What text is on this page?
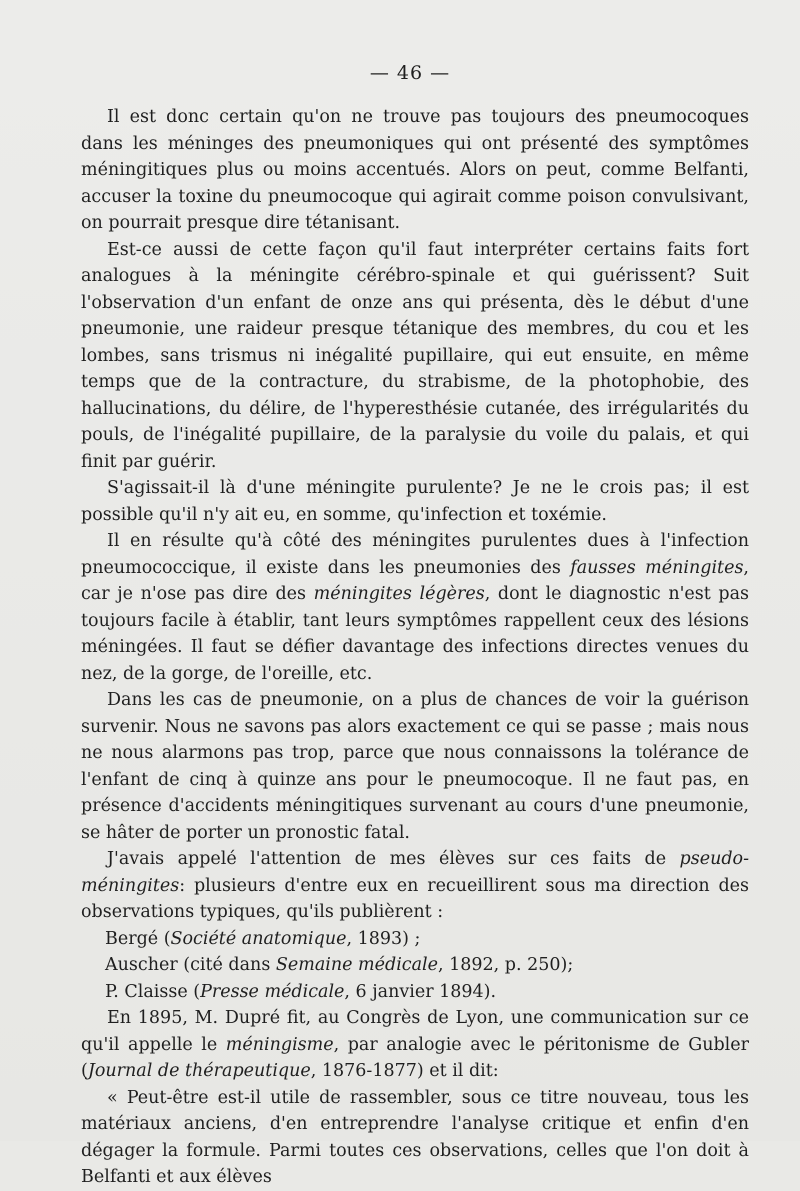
— 46 —

Il est donc certain qu'on ne trouve pas toujours des pneumocoques dans les méninges des pneumoniques qui ont présenté des symptômes méningitiques plus ou moins accentués. Alors on peut, comme Belfanti, accuser la toxine du pneumocoque qui agirait comme poison convulsivant, on pourrait presque dire tétanisant.

Est-ce aussi de cette façon qu'il faut interpréter certains faits fort analogues à la méningite cérébro-spinale et qui guérissent? Suit l'observation d'un enfant de onze ans qui présenta, dès le début d'une pneumonie, une raideur presque tétanique des membres, du cou et les lombes, sans trismus ni inégalité pupillaire, qui eut ensuite, en même temps que de la contracture, du strabisme, de la photophobie, des hallucinations, du délire, de l'hyperesthésie cutanée, des irrégularités du pouls, de l'inégalité pupillaire, de la paralysie du voile du palais, et qui finit par guérir.

S'agissait-il là d'une méningite purulente? Je ne le crois pas; il est possible qu'il n'y ait eu, en somme, qu'infection et toxémie.

Il en résulte qu'à côté des méningites purulentes dues à l'infection pneumococcique, il existe dans les pneumonies des fausses méningites, car je n'ose pas dire des méningites légères, dont le diagnostic n'est pas toujours facile à établir, tant leurs symptômes rappellent ceux des lésions méningées. Il faut se défier davantage des infections directes venues du nez, de la gorge, de l'oreille, etc.

Dans les cas de pneumonie, on a plus de chances de voir la guérison survenir. Nous ne savons pas alors exactement ce qui se passe ; mais nous ne nous alarmons pas trop, parce que nous connaissons la tolérance de l'enfant de cinq à quinze ans pour le pneumocoque. Il ne faut pas, en présence d'accidents méningitiques survenant au cours d'une pneumonie, se hâter de porter un pronostic fatal.

J'avais appelé l'attention de mes élèves sur ces faits de pseudo-méningites: plusieurs d'entre eux en recueillirent sous ma direction des observations typiques, qu'ils publièrent :

Bergé (Société anatomique, 1893) ;

Auscher (cité dans Semaine médicale, 1892, p. 250);

P. Claisse (Presse médicale, 6 janvier 1894).

En 1895, M. Dupré fit, au Congrès de Lyon, une communication sur ce qu'il appelle le méningisme, par analogie avec le péritonisme de Gubler (Journal de thérapeutique, 1876-1877) et il dit:

« Peut-être est-il utile de rassembler, sous ce titre nouveau, tous les matériaux anciens, d'en entreprendre l'analyse critique et enfin d'en dégager la formule. Parmi toutes ces observations, celles que l'on doit à Belfanti et aux élèves
